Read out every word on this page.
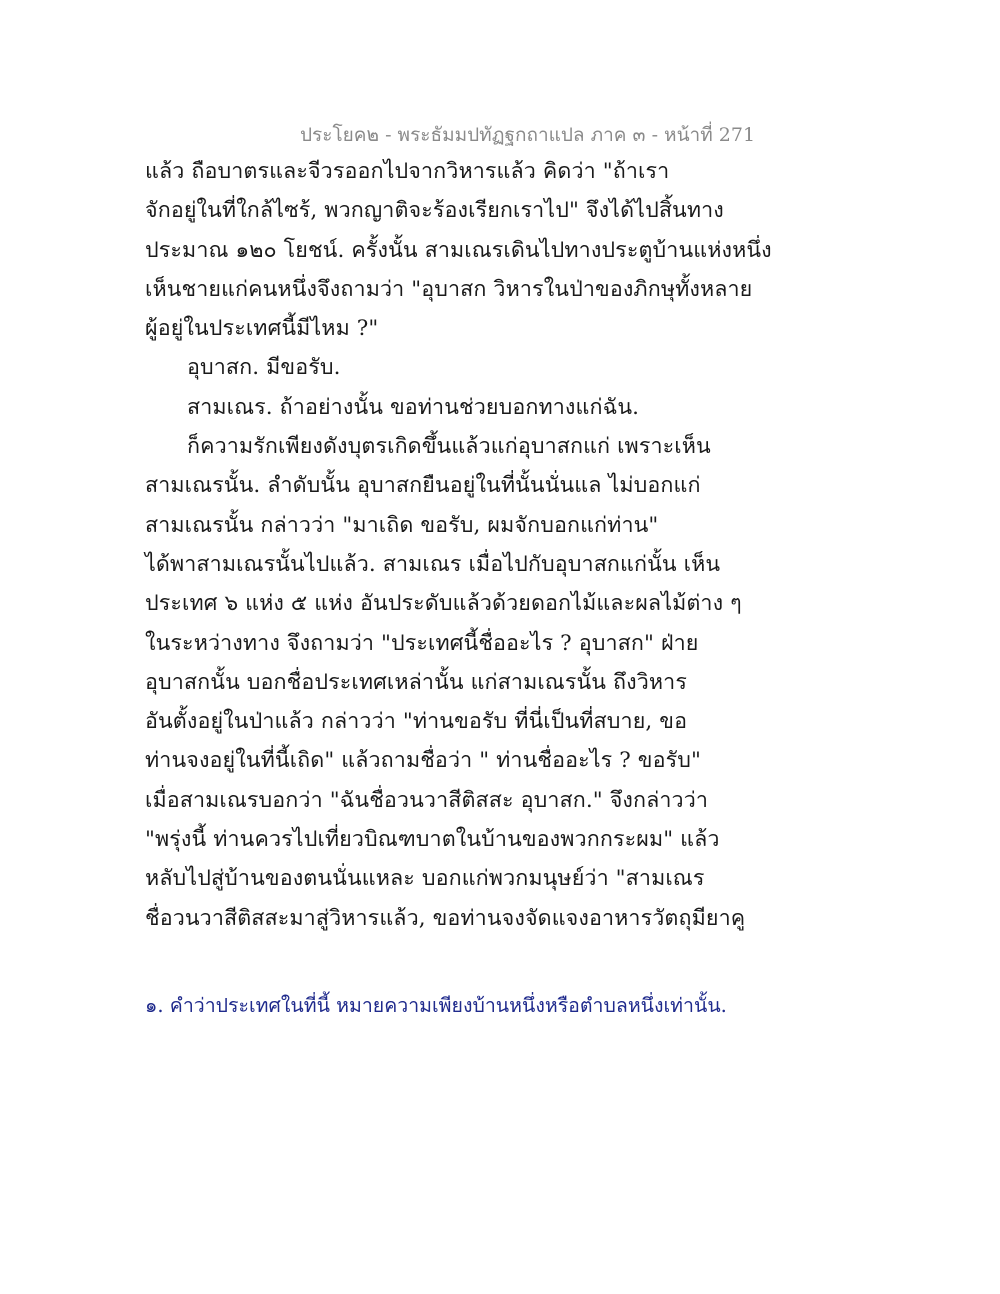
ประโยค๒ - พระธัมมปทัฏฐกถาแปล ภาค ๓ - หน้าที่ 271
แล้ว ถือบาตรและจีวรออกไปจากวิหารแล้ว คิดว่า "ถ้าเรา
จักอยู่ในที่ใกล้ไซร้, พวกญาติจะร้องเรียกเราไป" จึงได้ไปสิ้นทาง
ประมาณ ๑๒๐ โยชน์. ครั้งนั้น สามเณรเดินไปทางประตูบ้านแห่งหนึ่ง
เห็นชายแก่คนหนึ่งจึงถามว่า "อุบาสก วิหารในป่าของภิกษุทั้งหลาย
ผู้อยู่ในประเทศนี้มีไหม ?"
อุบาสก. มีขอรับ.
สามเณร. ถ้าอย่างนั้น ขอท่านช่วยบอกทางแก่ฉัน.
ก็ความรักเพียงดังบุตรเกิดขึ้นแล้วแก่อุบาสกแก่ เพราะเห็น
สามเณรนั้น. ลำดับนั้น อุบาสกยืนอยู่ในที่นั้นนั่นแล ไม่บอกแก่
สามเณรนั้น กล่าวว่า "มาเถิด ขอรับ, ผมจักบอกแก่ท่าน"
ได้พาสามเณรนั้นไปแล้ว. สามเณร เมื่อไปกับอุบาสกแก่นั้น เห็น
ประเทศ ๖ แห่ง ๕ แห่ง อันประดับแล้วด้วยดอกไม้และผลไม้ต่าง ๆ
ในระหว่างทาง จึงถามว่า "ประเทศนี้ชื่ออะไร ? อุบาสก" ฝ่าย
อุบาสกนั้น บอกชื่อประเทศเหล่านั้น แก่สามเณรนั้น ถึงวิหาร
อันตั้งอยู่ในป่าแล้ว กล่าวว่า "ท่านขอรับ ที่นี่เป็นที่สบาย, ขอ
ท่านจงอยู่ในที่นี้เถิด" แล้วถามชื่อว่า " ท่านชื่ออะไร ? ขอรับ"
เมื่อสามเณรบอกว่า "ฉันชื่อวนวาสีติสสะ อุบาสก." จึงกล่าวว่า
"พรุ่งนี้ ท่านควรไปเที่ยวบิณฑบาตในบ้านของพวกกระผม" แล้ว
หลับไปสู่บ้านของตนนั่นแหละ บอกแก่พวกมนุษย์ว่า "สามเณร
ชื่อวนวาสีติสสะมาสู่วิหารแล้ว, ขอท่านจงจัดแจงอาหารวัตถุมียาคู
๑. คำว่าประเทศในที่นี้ หมายความเพียงบ้านหนึ่งหรือตำบลหนึ่งเท่านั้น.
